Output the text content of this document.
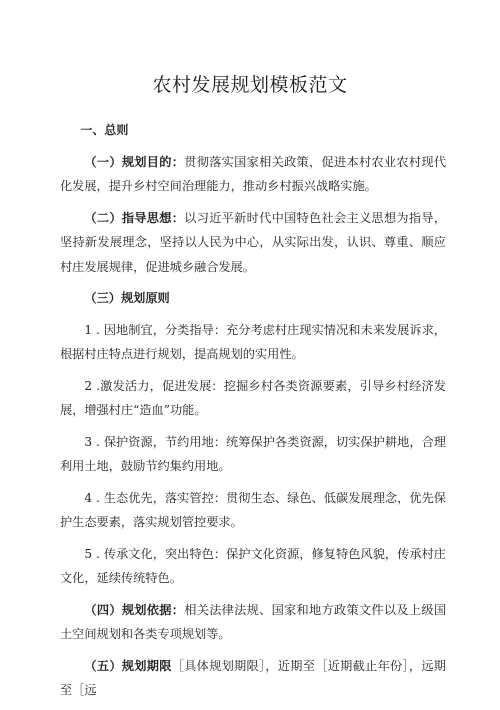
农村发展规划模板范文
一、总则

（一）规划目的：贯彻落实国家相关政策，促进本村农业农村现代化发展，提升乡村空间治理能力，推动乡村振兴战略实施。

（二）指导思想：以习近平新时代中国特色社会主义思想为指导，坚持新发展理念，坚持以人民为中心，从实际出发，认识、尊重、顺应村庄发展规律，促进城乡融合发展。

（三）规划原则

1 . 因地制宜，分类指导：充分考虑村庄现实情况和未来发展诉求，根据村庄特点进行规划，提高规划的实用性。

2 .激发活力，促进发展：挖掘乡村各类资源要素，引导乡村经济发展，增强村庄“造血”功能。

3 . 保护资源，节约用地：统筹保护各类资源，切实保护耕地，合理利用土地，鼓励节约集约用地。

4 . 生态优先，落实管控：贯彻生态、绿色、低碳发展理念，优先保护生态要素，落实规划管控要求。

5 . 传承文化，突出特色：保护文化资源，修复特色风貌，传承村庄文化，延续传统特色。

（四）规划依据：相关法律法规、国家和地方政策文件以及上级国土空间规划和各类专项规划等。

（五）规划期限［具体规划期限］，近期至［近期截止年份］，远期至［远
